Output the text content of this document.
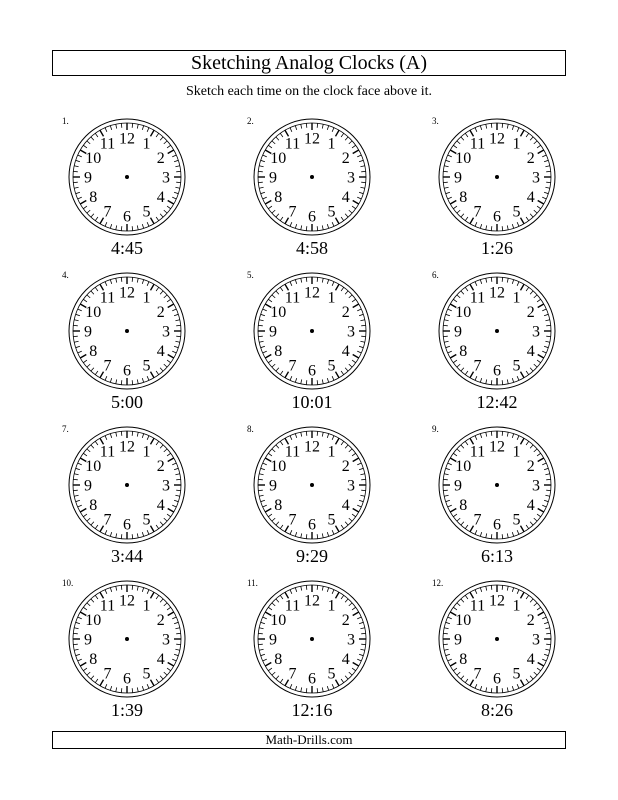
Sketching Analog Clocks (A)
Sketch each time on the clock face above it.
1.
12 1
2
3
4
5
6
7
8
9
10
11
4:45
2.
12 1
2
3
4
5
6
7
8
9
10
11
4:58
3.
12 1
2
3
4
5
6
7
8
9
10
11
1:26
4.
12 1
2
3
4
5
6
7
8
9
10
11
5:00
5.
12 1
2
3
4
5
6
7
8
9
10
11
10:01
6.
12 1
2
3
4
5
6
7
8
9
10
11
12:42
7.
12 1
2
3
4
5
6
7
8
9
10
11
3:44
8.
12 1
2
3
4
5
6
7
8
9
10
11
9:29
9.
12 1
2
3
4
5
6
7
8
9
10
11
6:13
10.
12 1
2
3
4
5
6
7
8
9
10
11
1:39
11.
12 1
2
3
4
5
6
7
8
9
10
11
12:16
12.
12 1
2
3
4
5
6
7
8
9
10
11
8:26
Math-Drills.com
